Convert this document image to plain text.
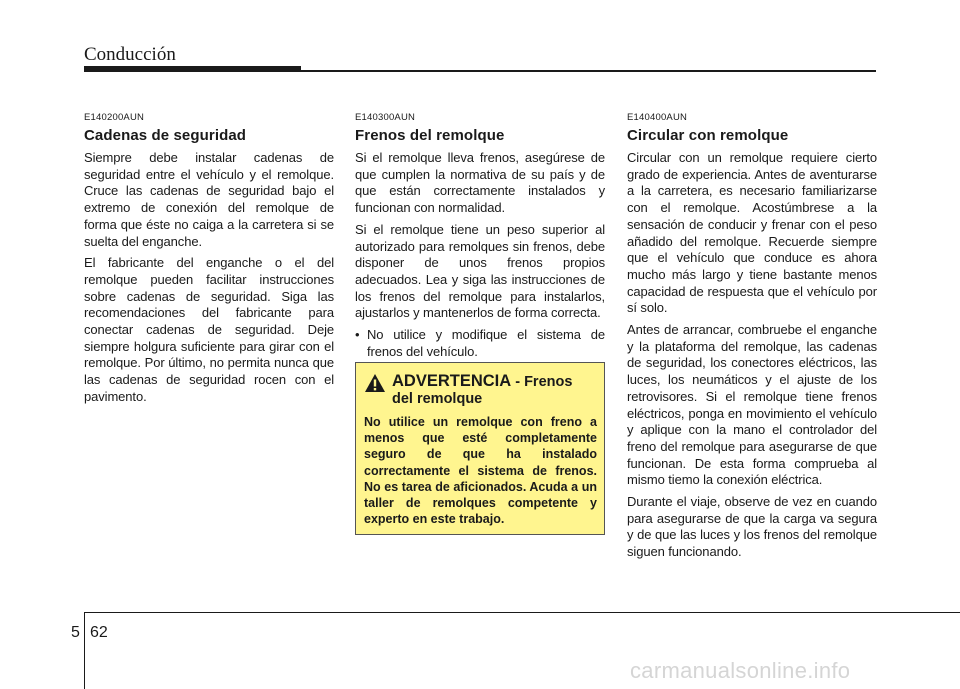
Conducción

E140200AUN

Cadenas de seguridad

Siempre debe instalar cadenas de seguridad entre el vehículo y el remolque. Cruce las cadenas de seguridad bajo el extremo de conexión del remolque de forma que éste no caiga a la carretera si se suelta del enganche.

El fabricante del enganche o el del remolque pueden facilitar instrucciones sobre cadenas de seguridad. Siga las recomendaciones del fabricante para conectar cadenas de seguridad. Deje siempre holgura suficiente para girar con el remolque. Por último, no permita nunca que las cadenas de seguridad rocen con el pavimento.

E140300AUN

Frenos del remolque

Si el remolque lleva frenos, asegúrese de que cumplen la normativa de su país y de que están correctamente instalados y funcionan con normalidad.

Si el remolque tiene un peso superior al autorizado para remolques sin frenos, debe disponer de unos frenos propios adecuados. Lea y siga las instrucciones de los frenos del remolque para instalarlos, ajustarlos y mantenerlos de forma correcta.

• No utilice y modifique el sistema de frenos del vehículo.

ADVERTENCIA - Frenos del remolque

No utilice un remolque con freno a menos que esté completamente seguro de que ha instalado correctamente el sistema de frenos. No es tarea de aficionados. Acuda a un taller de remolques competente y experto en este trabajo.

E140400AUN

Circular con remolque

Circular con un remolque requiere cierto grado de experiencia. Antes de aventurarse a la carretera, es necesario familiarizarse con el remolque. Acostúmbrese a la sensación de conducir y frenar con el peso añadido del remolque. Recuerde siempre que el vehículo que conduce es ahora mucho más largo y tiene bastante menos capacidad de respuesta que el vehículo por sí solo.

Antes de arrancar, combruebe el enganche y la plataforma del remolque, las cadenas de seguridad, los conectores eléctricos, las luces, los neumáticos y el ajuste de los retrovisores. Si el remolque tiene frenos eléctricos, ponga en movimiento el vehículo y aplique con la mano el controlador del freno del remolque para asegurarse de que funcionan. De esta forma comprueba al mismo tiemo la conexión eléctrica.

Durante el viaje, observe de vez en cuando para asegurarse de que la carga va segura y de que las luces y los frenos del remolque siguen funcionando.

5 62
carmanualsonline.info
